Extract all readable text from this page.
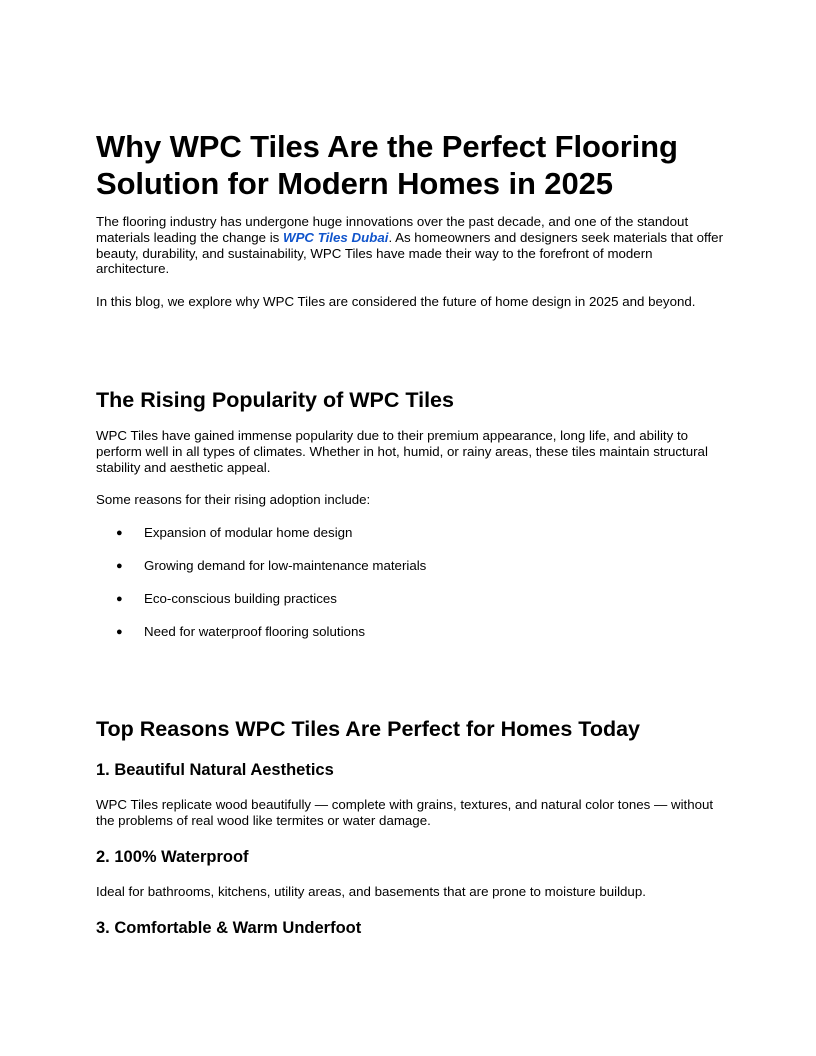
Why WPC Tiles Are the Perfect Flooring Solution for Modern Homes in 2025

The flooring industry has undergone huge innovations over the past decade, and one of the standout materials leading the change is WPC Tiles Dubai. As homeowners and designers seek materials that offer beauty, durability, and sustainability, WPC Tiles have made their way to the forefront of modern architecture.

In this blog, we explore why WPC Tiles are considered the future of home design in 2025 and beyond.

The Rising Popularity of WPC Tiles

WPC Tiles have gained immense popularity due to their premium appearance, long life, and ability to perform well in all types of climates. Whether in hot, humid, or rainy areas, these tiles maintain structural stability and aesthetic appeal.

Some reasons for their rising adoption include:

● Expansion of modular home design
● Growing demand for low-maintenance materials
● Eco-conscious building practices
● Need for waterproof flooring solutions
Top Reasons WPC Tiles Are Perfect for Homes Today
1. Beautiful Natural Aesthetics

WPC Tiles replicate wood beautifully — complete with grains, textures, and natural color tones — without the problems of real wood like termites or water damage.

2. 100% Waterproof

Ideal for bathrooms, kitchens, utility areas, and basements that are prone to moisture buildup.

3. Comfortable & Warm Underfoot
